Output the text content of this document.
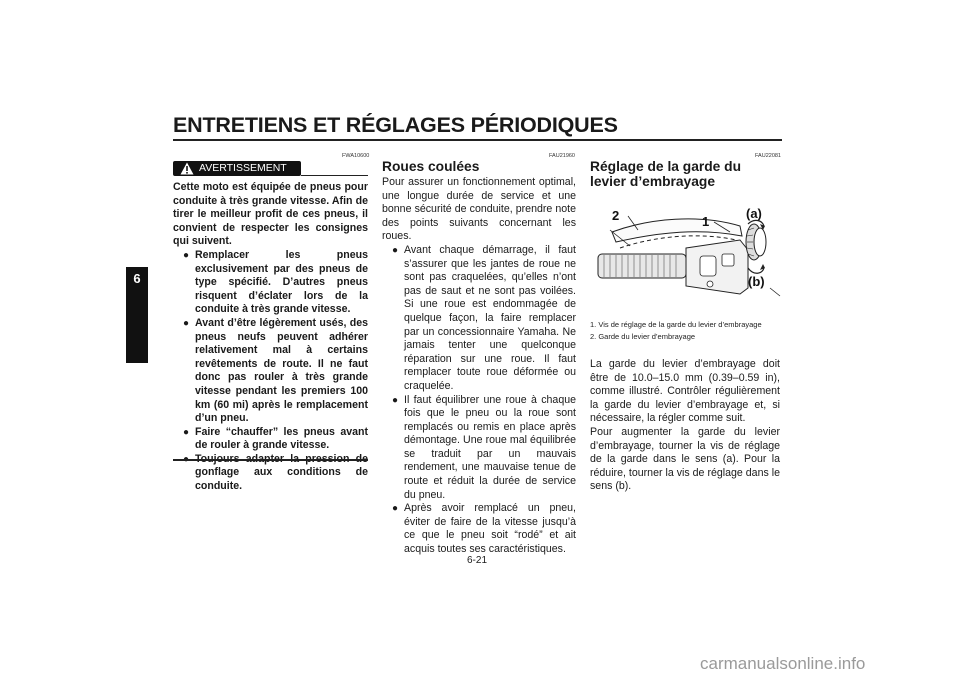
ENTRETIENS ET RÉGLAGES PÉRIODIQUES
6
FWA10600
AVERTISSEMENT

Cette moto est équipée de pneus pour conduite à très grande vitesse. Afin de tirer le meilleur profit de ces pneus, il convient de respecter les consignes qui suivent.

● Remplacer les pneus exclusivement par des pneus de type spécifié. D’autres pneus risquent d’éclater lors de la conduite à très grande vitesse.
● Avant d’être légèrement usés, des pneus neufs peuvent adhérer relativement mal à certains revêtements de route. Il ne faut donc pas rouler à très grande vitesse pendant les premiers 100 km (60 mi) après le remplacement d’un pneu.
● Faire “chauffer” les pneus avant de rouler à grande vitesse.
gonflage aux conditions de conduite.
FAU21960
Roues coulées

Pour assurer un fonctionnement optimal, une longue durée de service et une bonne sécurité de conduite, prendre note des points suivants concernant les roues.

● Avant chaque démarrage, il faut s’assurer que les jantes de roue ne sont pas craquelées, qu’elles n’ont pas de saut et ne sont pas voilées. Si une roue est endommagée de quelque façon, la faire remplacer par un concessionnaire Yamaha. Ne jamais tenter une quelconque réparation sur une roue. Il faut remplacer toute roue déformée ou craquelée.
● Il faut équilibrer une roue à chaque fois que le pneu ou la roue sont remplacés ou remis en place après démontage. Une roue mal équilibrée se traduit par un mauvais rendement, une mauvaise tenue de route et réduit la durée de service du pneu.
● Après avoir remplacé un pneu, éviter de faire de la vitesse jusqu’à ce que le pneu soit “rodé” et ait acquis toutes ses caractéristiques.
FAU22081
Réglage de la garde du levier d’embrayage
2	1
(a)
(b)
1. Vis de réglage de la garde du levier d’embrayage
2. Garde du levier d’embrayage

La garde du levier d’embrayage doit être de 10.0–15.0 mm (0.39–0.59 in), comme illustré. Contrôler régulièrement la garde du levier d’embrayage et, si nécessaire, la régler comme suit.

Pour augmenter la garde du levier d’embrayage, tourner la vis de réglage de la garde dans le sens (a). Pour la réduire, tourner la vis de réglage dans le sens (b).

6-21
carmanualsonline.info
